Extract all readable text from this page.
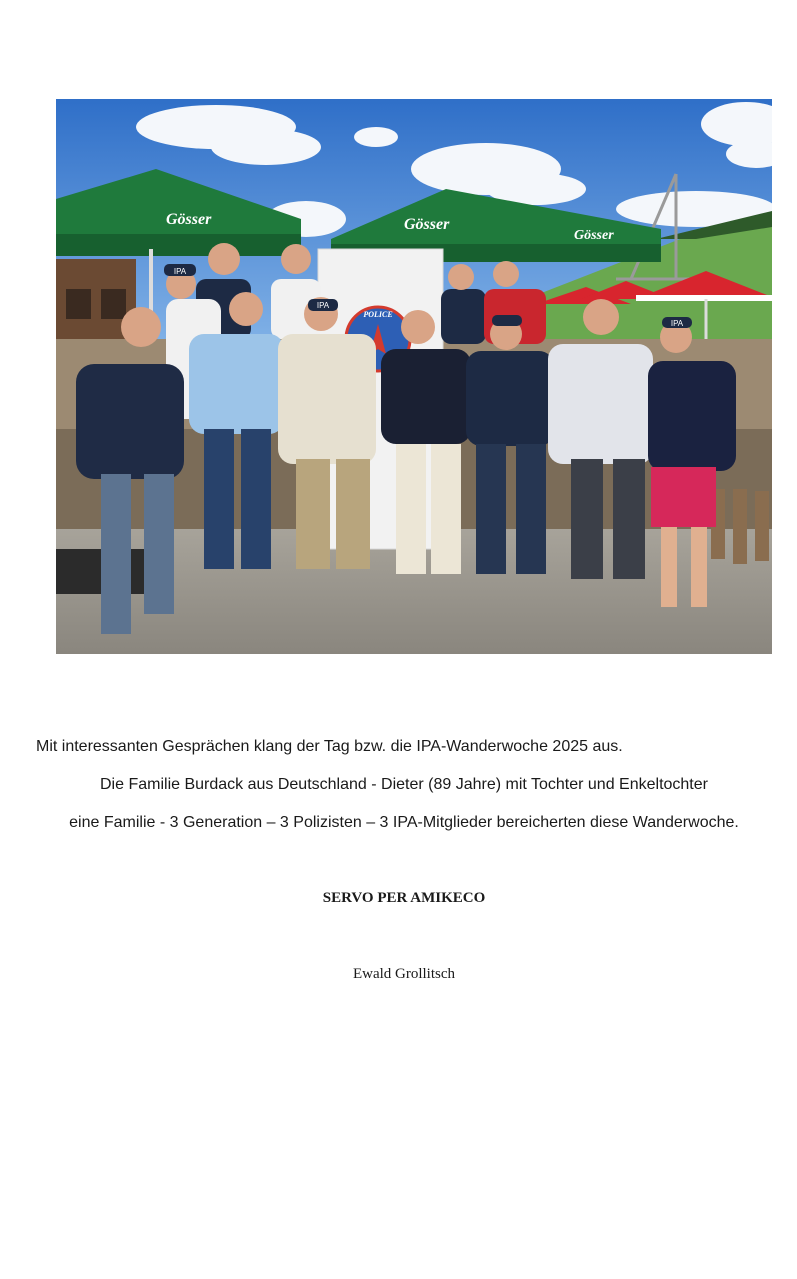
Gösser	Gösser
Gösser
POLICE
IPA
IPA
IPA

Mit interessanten Gesprächen klang der Tag bzw. die IPA-Wanderwoche 2025 aus.

Die Familie Burdack aus Deutschland - Dieter (89 Jahre) mit Tochter und Enkeltochter

eine Familie - 3 Generation – 3 Polizisten – 3 IPA-Mitglieder bereicherten diese Wanderwoche.

SERVO PER AMIKECO

Ewald Grollitsch
